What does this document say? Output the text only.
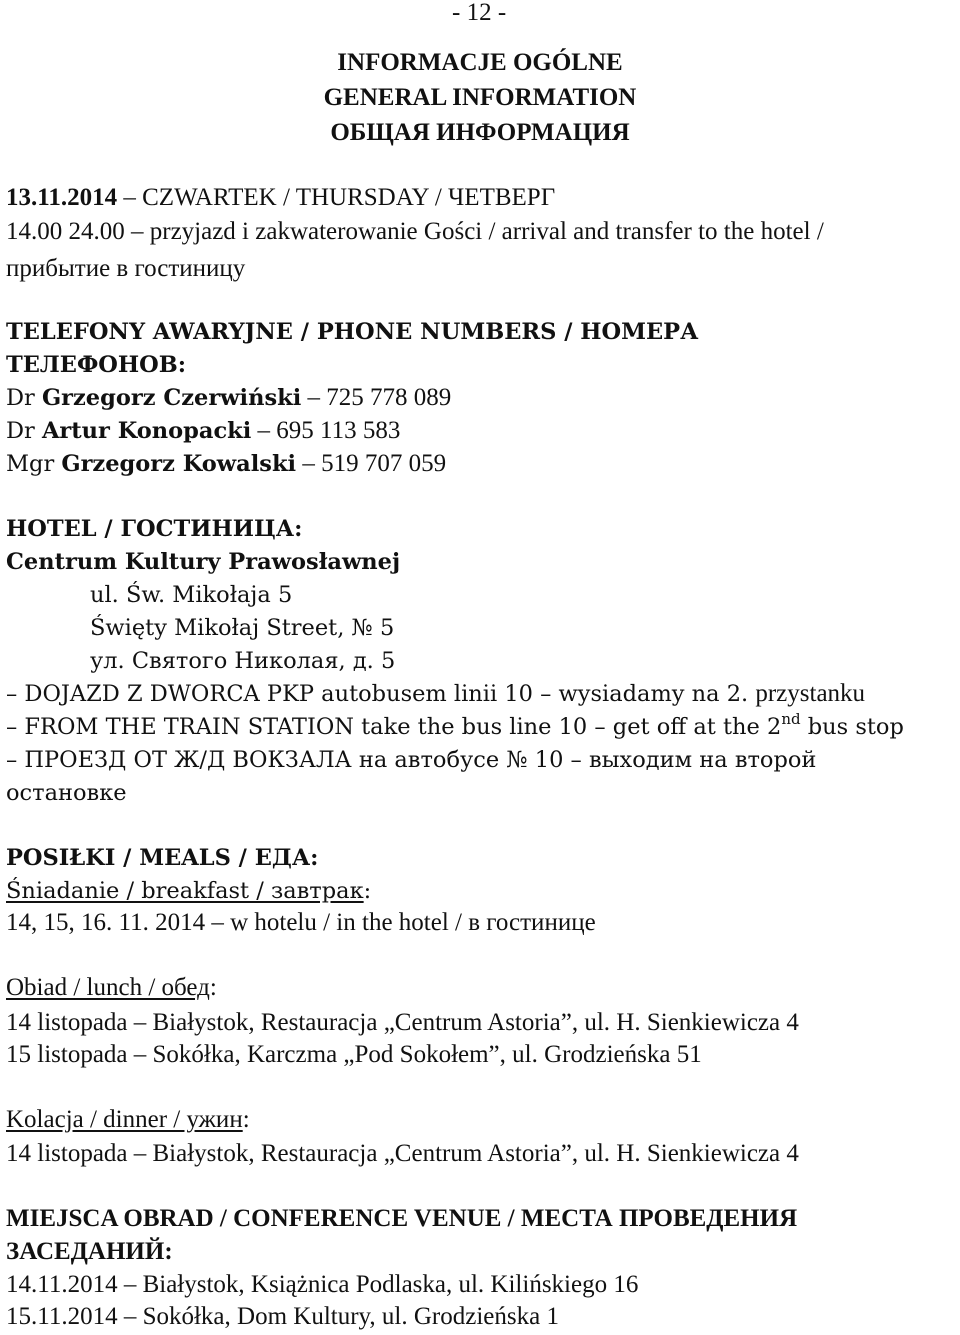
- 12 -
INFORMACJE OGÓLNE
GENERAL INFORMATION
ОБЩАЯ ИНФОРМАЦИЯ
13.11.2014 – CZWARTEK / THURSDAY / ЧЕТВЕРГ
14.00 24.00 – przyjazd i zakwaterowanie Gości / arrival and transfer to the hotel /
прибытие в гостиницу
TELEFONY AWARYJNE / PHONE NUMBERS / НОМЕРА
ТЕЛЕФОНОВ:
Dr Grzegorz Czerwiński – 725 778 089
Dr Artur Konopacki – 695 113 583
Mgr Grzegorz Kowalski – 519 707 059
HOTEL / ГОСТИНИЦА:
Centrum Kultury Prawosławnej
ul. Św. Mikołaja 5
Święty Mikołaj Street, № 5
ул. Святого Николая, д. 5
– DOJAZD Z DWORCA PKP autobusem linii 10 – wysiadamy na 2. przystanku
– FROM THE TRAIN STATION take the bus line 10 – get off at the 2nd bus stop
– ПРОЕЗД ОТ Ж/Д ВОКЗАЛА на автобусе № 10 – выходим на второй
остановке
POSIŁKI / MEALS / ЕДА:
Śniadanie / breakfast / завтрак:
14, 15, 16. 11. 2014 – w hotelu / in the hotel / в гостинице
Obiad / lunch / обед:
14 listopada – Białystok, Restauracja „Centrum Astoria”, ul. H. Sienkiewicza 4
15 listopada – Sokółka, Karczma „Pod Sokołem”, ul. Grodzieńska 51
Kolacja / dinner / ужин:
14 listopada – Białystok, Restauracja „Centrum Astoria”, ul. H. Sienkiewicza 4
MIEJSCA OBRAD / CONFERENCE VENUE / МЕСТА ПРОВЕДЕНИЯ
ЗАСЕДАНИЙ:
14.11.2014 – Białystok, Książnica Podlaska, ul. Kilińskiego 16
15.11.2014 – Sokółka, Dom Kultury, ul. Grodzieńska 1
